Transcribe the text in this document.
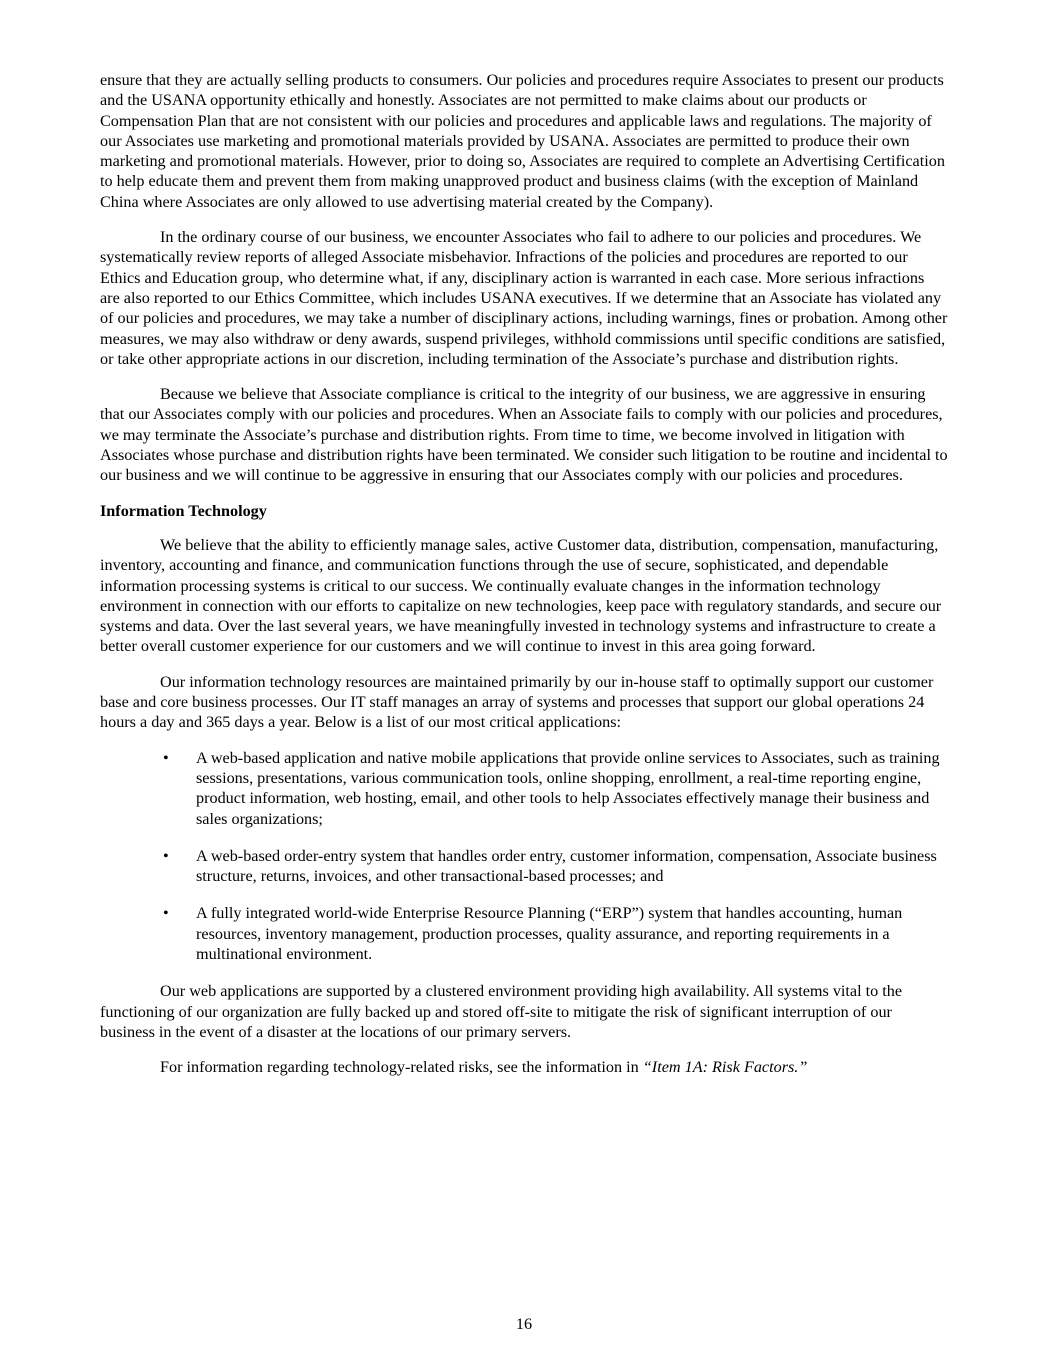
ensure that they are actually selling products to consumers. Our policies and procedures require Associates to present our products and the USANA opportunity ethically and honestly. Associates are not permitted to make claims about our products or Compensation Plan that are not consistent with our policies and procedures and applicable laws and regulations. The majority of our Associates use marketing and promotional materials provided by USANA. Associates are permitted to produce their own marketing and promotional materials. However, prior to doing so, Associates are required to complete an Advertising Certification to help educate them and prevent them from making unapproved product and business claims (with the exception of Mainland China where Associates are only allowed to use advertising material created by the Company).

In the ordinary course of our business, we encounter Associates who fail to adhere to our policies and procedures. We systematically review reports of alleged Associate misbehavior. Infractions of the policies and procedures are reported to our Ethics and Education group, who determine what, if any, disciplinary action is warranted in each case. More serious infractions are also reported to our Ethics Committee, which includes USANA executives. If we determine that an Associate has violated any of our policies and procedures, we may take a number of disciplinary actions, including warnings, fines or probation. Among other measures, we may also withdraw or deny awards, suspend privileges, withhold commissions until specific conditions are satisfied, or take other appropriate actions in our discretion, including termination of the Associate’s purchase and distribution rights.

Because we believe that Associate compliance is critical to the integrity of our business, we are aggressive in ensuring that our Associates comply with our policies and procedures. When an Associate fails to comply with our policies and procedures, we may terminate the Associate’s purchase and distribution rights. From time to time, we become involved in litigation with Associates whose purchase and distribution rights have been terminated. We consider such litigation to be routine and incidental to our business and we will continue to be aggressive in ensuring that our Associates comply with our policies and procedures.

Information Technology

We believe that the ability to efficiently manage sales, active Customer data, distribution, compensation, manufacturing, inventory, accounting and finance, and communication functions through the use of secure, sophisticated, and dependable information processing systems is critical to our success. We continually evaluate changes in the information technology environment in connection with our efforts to capitalize on new technologies, keep pace with regulatory standards, and secure our systems and data. Over the last several years, we have meaningfully invested in technology systems and infrastructure to create a better overall customer experience for our customers and we will continue to invest in this area going forward.

Our information technology resources are maintained primarily by our in-house staff to optimally support our customer base and core business processes. Our IT staff manages an array of systems and processes that support our global operations 24 hours a day and 365 days a year. Below is a list of our most critical applications:

• A web-based application and native mobile applications that provide online services to Associates, such as training sessions, presentations, various communication tools, online shopping, enrollment, a real-time reporting engine, product information, web hosting, email, and other tools to help Associates effectively manage their business and sales organizations;
• A web-based order-entry system that handles order entry, customer information, compensation, Associate business structure, returns, invoices, and other transactional-based processes; and
• A fully integrated world-wide Enterprise Resource Planning (“ERP”) system that handles accounting, human resources, inventory management, production processes, quality assurance, and reporting requirements in a multinational environment.

Our web applications are supported by a clustered environment providing high availability. All systems vital to the functioning of our organization are fully backed up and stored off-site to mitigate the risk of significant interruption of our business in the event of a disaster at the locations of our primary servers.

For information regarding technology-related risks, see the information in “Item 1A: Risk Factors.”

16
